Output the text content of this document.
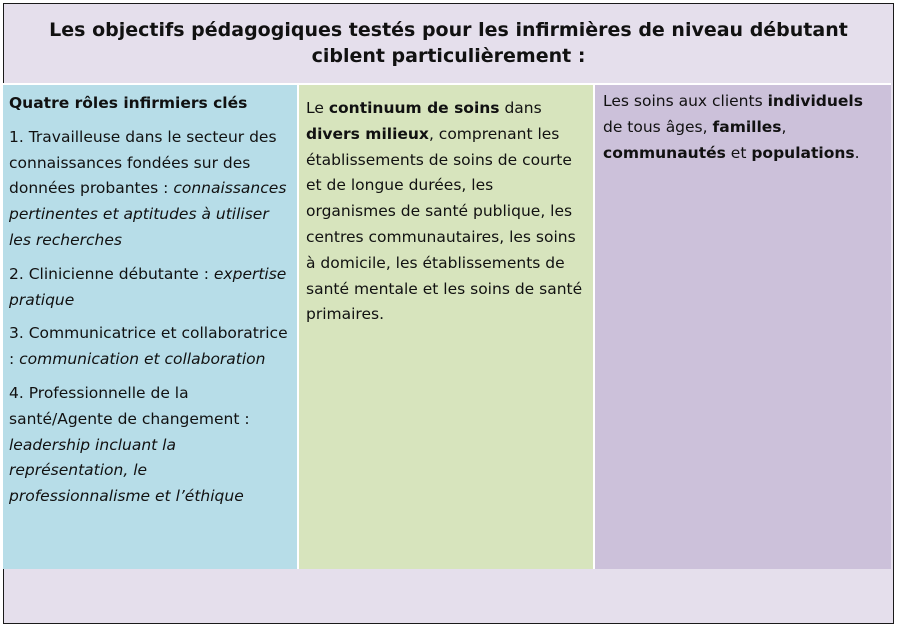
Les objectifs pédagogiques testés pour les infirmières de niveau débutant ciblent particulièrement :
Quatre rôles infirmiers clés
1. Travailleuse dans le secteur des connaissances fondées sur des données probantes : connaissances pertinentes et aptitudes à utiliser les recherches
2. Clinicienne débutante : expertise pratique
3. Communicatrice et collaboratrice : communication et collaboration
4. Professionnelle de la santé/Agente de changement : leadership incluant la représentation, le professionnalisme et l’éthique
Le continuum de soins dans divers milieux, comprenant les établissements de soins de courte et de longue durées, les organismes de santé publique, les centres communautaires, les soins à domicile, les établissements de santé mentale et les soins de santé primaires.
Les soins aux clients individuels de tous âges, familles, communautés et populations.
